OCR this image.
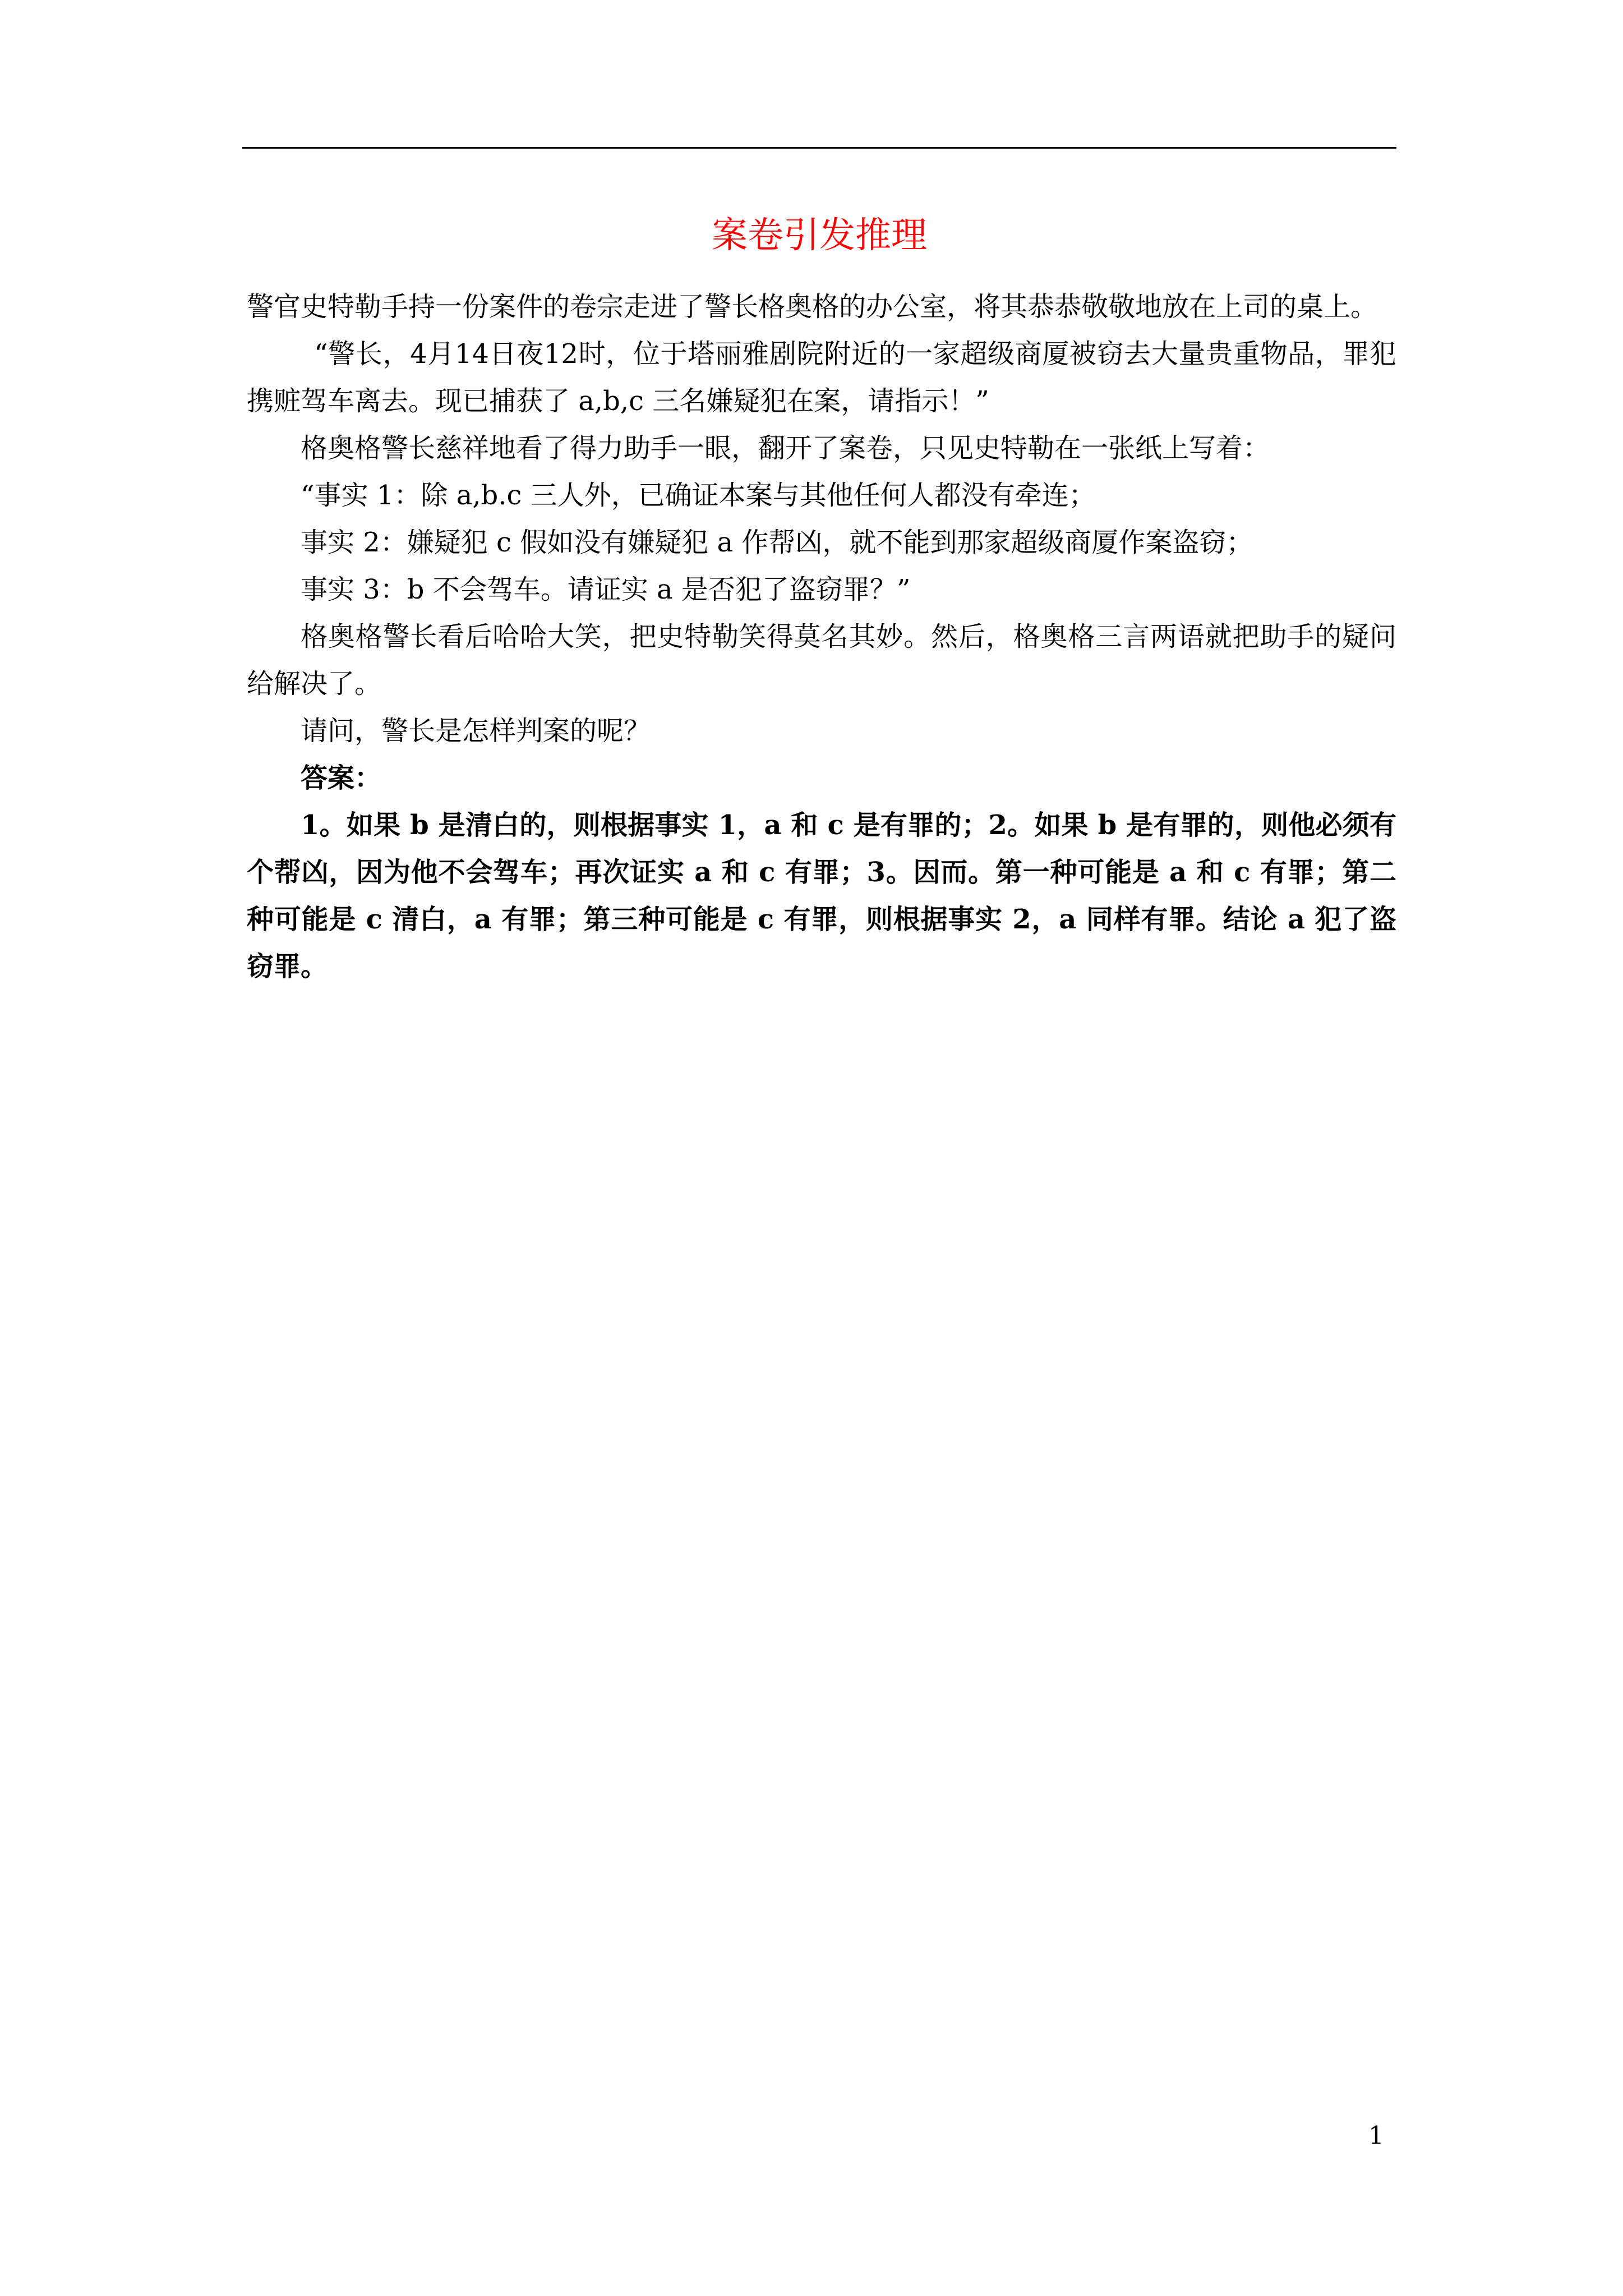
案卷引发推理

警官史特勒手持一份案件的卷宗走进了警长格奥格的办公室，将其恭恭敬敬地放在上司的桌上。

“警长，4月14日夜12时，位于塔丽雅剧院附近的一家超级商厦被窃去大量贵重物品，罪犯携赃驾车离去。现已捕获了 a,b,c 三名嫌疑犯在案，请指示！”

格奥格警长慈祥地看了得力助手一眼，翻开了案卷，只见史特勒在一张纸上写着：

“事实 1：除 a,b.c 三人外，已确证本案与其他任何人都没有牵连；

事实 2：嫌疑犯 c 假如没有嫌疑犯 a 作帮凶，就不能到那家超级商厦作案盗窃；

事实 3：b 不会驾车。请证实 a 是否犯了盗窃罪？”

格奥格警长看后哈哈大笑，把史特勒笑得莫名其妙。然后，格奥格三言两语就把助手的疑问给解决了。

请问，警长是怎样判案的呢？

答案：

1。如果 b 是清白的，则根据事实 1，a 和 c 是有罪的；2。如果 b 是有罪的，则他必须有个帮凶，因为他不会驾车；再次证实 a 和 c 有罪；3。因而。第一种可能是 a 和 c 有罪；第二种可能是 c 清白，a 有罪；第三种可能是 c 有罪，则根据事实 2，a 同样有罪。结论 a 犯了盗窃罪。

1
